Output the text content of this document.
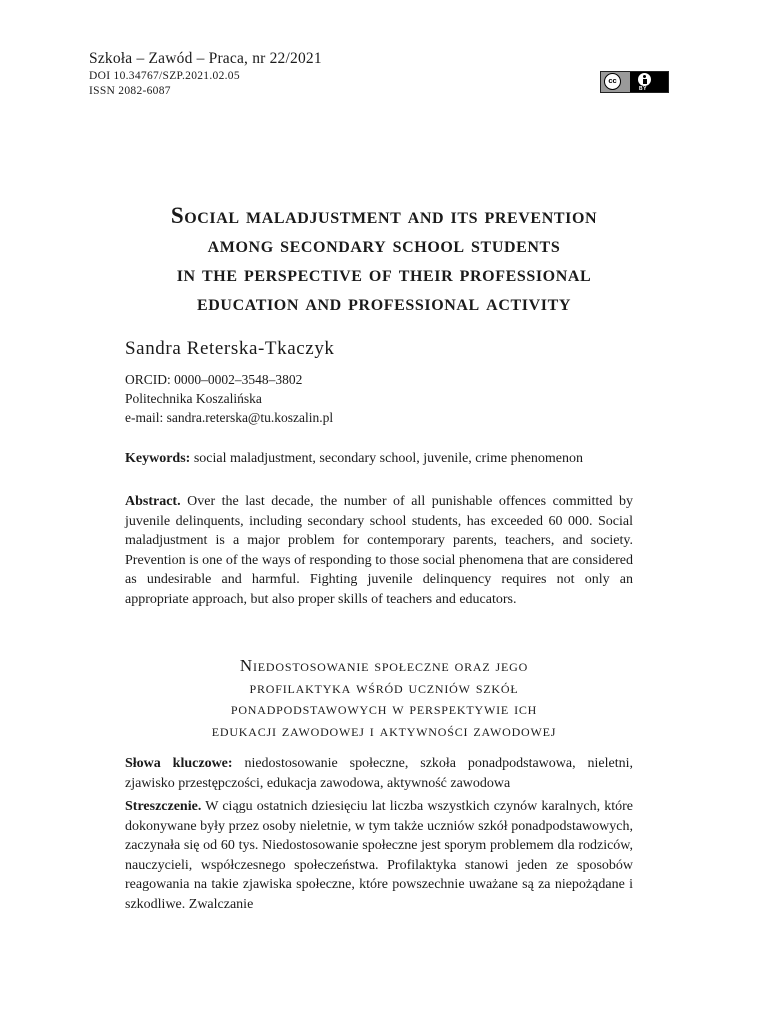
Szkoła – Zawód – Praca, nr 22/2021
DOI 10.34767/SZP.2021.02.05
ISSN 2082-6087
cc
BY
Social maladjustment and its prevention
among secondary school students
in the perspective of their professional
education and professional activity
Sandra Reterska-Tkaczyk
ORCID: 0000–0002–3548–3802
Politechnika Koszalińska
e-mail: sandra.reterska@tu.koszalin.pl

Keywords: social maladjustment, secondary school, juvenile, crime phenomenon

Abstract. Over the last decade, the number of all punishable offences committed by juvenile delinquents, including secondary school students, has exceeded 60 000. Social maladjustment is a major problem for contemporary parents, teachers, and society. Prevention is one of the ways of responding to those social phenomena that are considered as undesirable and harmful. Fighting juvenile delinquency requires not only an appropriate approach, but also proper skills of teachers and educators.

Niedostosowanie społeczne oraz jego
profilaktyka wśród uczniów szkół
ponadpodstawowych w perspektywie ich
edukacji zawodowej i aktywności zawodowej

Słowa kluczowe: niedostosowanie społeczne, szkoła ponadpodstawowa, nieletni, zjawisko przestępczości, edukacja zawodowa, aktywność zawodowa

Streszczenie. W ciągu ostatnich dziesięciu lat liczba wszystkich czynów karalnych, które dokonywane były przez osoby nieletnie, w tym także uczniów szkół ponadpodstawowych, zaczynała się od 60 tys. Niedostosowanie społeczne jest sporym problemem dla rodziców, nauczycieli, współczesnego społeczeństwa. Profilaktyka stanowi jeden ze sposobów reagowania na takie zjawiska społeczne, które powszechnie uważane są za niepożądane i szkodliwe. Zwalczanie
